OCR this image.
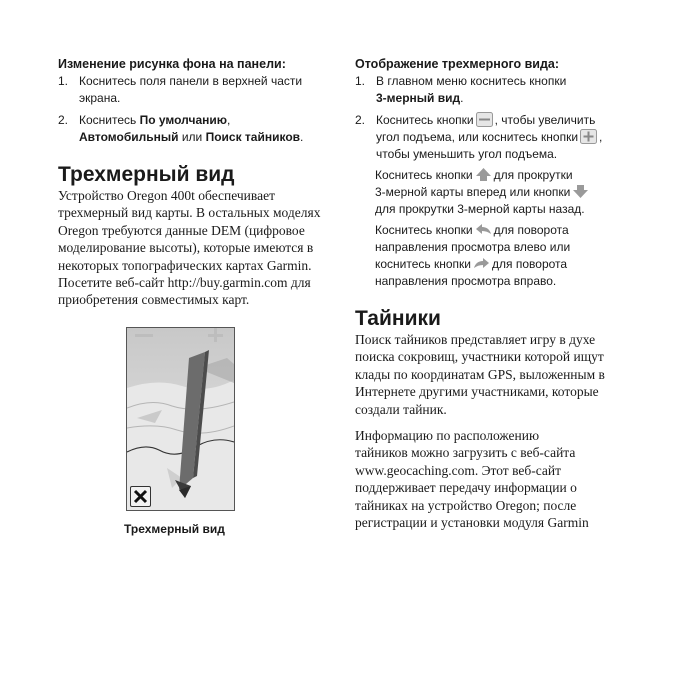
Изменение рисунка фона на панели:
1. Коснитесь поля панели в верхней части
экрана.
2. Коснитесь По умолчанию,
Автомобильный или Поиск тайников.
Трехмерный вид
Устройство Oregon 400t обеспечивает
трехмерный вид карты. В остальных моделях
Oregon требуются данные DEM (цифровое
моделирование высоты), которые имеются в
некоторых топографических картах Garmin.
Посетите веб-сайт http://buy.garmin.com для
приобретения совместимых карт.
Трехмерный вид
Отображение трехмерного вида:
1. В главном меню коснитесь кнопки
3-мерный вид.
2. Коснитесь кнопки , чтобы увеличить
угол подъема, или коснитесь кнопки ,
чтобы уменьшить угол подъема.
Коснитесь кнопки для прокрутки
3-мерной карты вперед или кнопки
для прокрутки 3-мерной карты назад.
Коснитесь кнопки для поворота
направления просмотра влево или
коснитесь кнопки для поворота
направления просмотра вправо.
Тайники
Поиск тайников представляет игру в духе
поиска сокровищ, участники которой ищут
клады по координатам GPS, выложенным в
Интернете другими участниками, которые
создали тайник.
Информацию по расположению
тайников можно загрузить с веб-сайта
www.geocaching.com. Этот веб-сайт
поддерживает передачу информации о
тайниках на устройство Oregon; после
регистрации и установки модуля Garmin
